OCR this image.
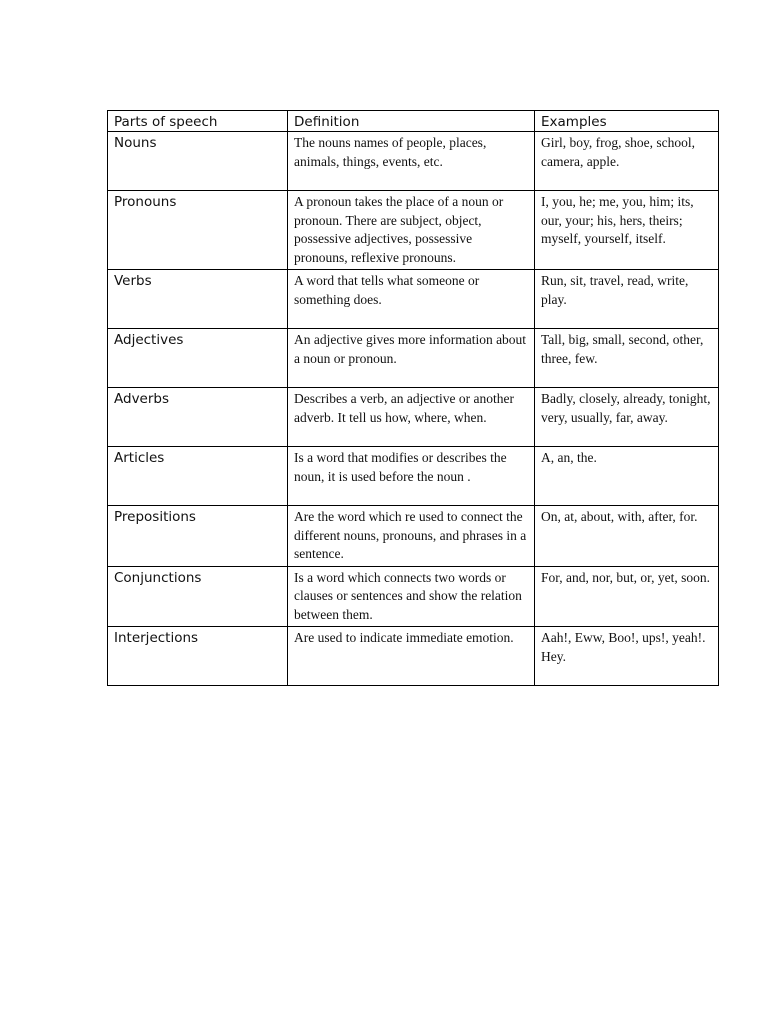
Parts of speech	Definition	Examples
Nouns	The nouns names of people, places, animals, things, events, etc.	Girl, boy, frog, shoe, school, camera, apple.
Pronouns	A pronoun takes the place of a noun or pronoun. There are subject, object, possessive adjectives, possessive pronouns, reflexive pronouns.	I, you, he; me, you, him; its, our, your; his, hers, theirs; myself, yourself, itself.
Verbs	A word that tells what someone or something does.	Run, sit, travel, read, write, play.
Adjectives	An adjective gives more information about a noun or pronoun.	Tall, big, small, second, other, three, few.
Adverbs	Describes a verb, an adjective or another adverb. It tell us how, where, when.	Badly, closely, already, tonight, very, usually, far, away.
Articles	Is a word that modifies or describes the noun, it is used before the noun .	A, an, the.
Prepositions	Are the word which re used to connect the different nouns, pronouns, and phrases in a sentence.	On, at, about, with, after, for.
Conjunctions	Is a word which connects two words or clauses or sentences and show the relation between them.	For, and, nor, but, or, yet, soon.
Interjections	Are used to indicate immediate emotion.	Aah!, Eww, Boo!, ups!, yeah!. Hey.
